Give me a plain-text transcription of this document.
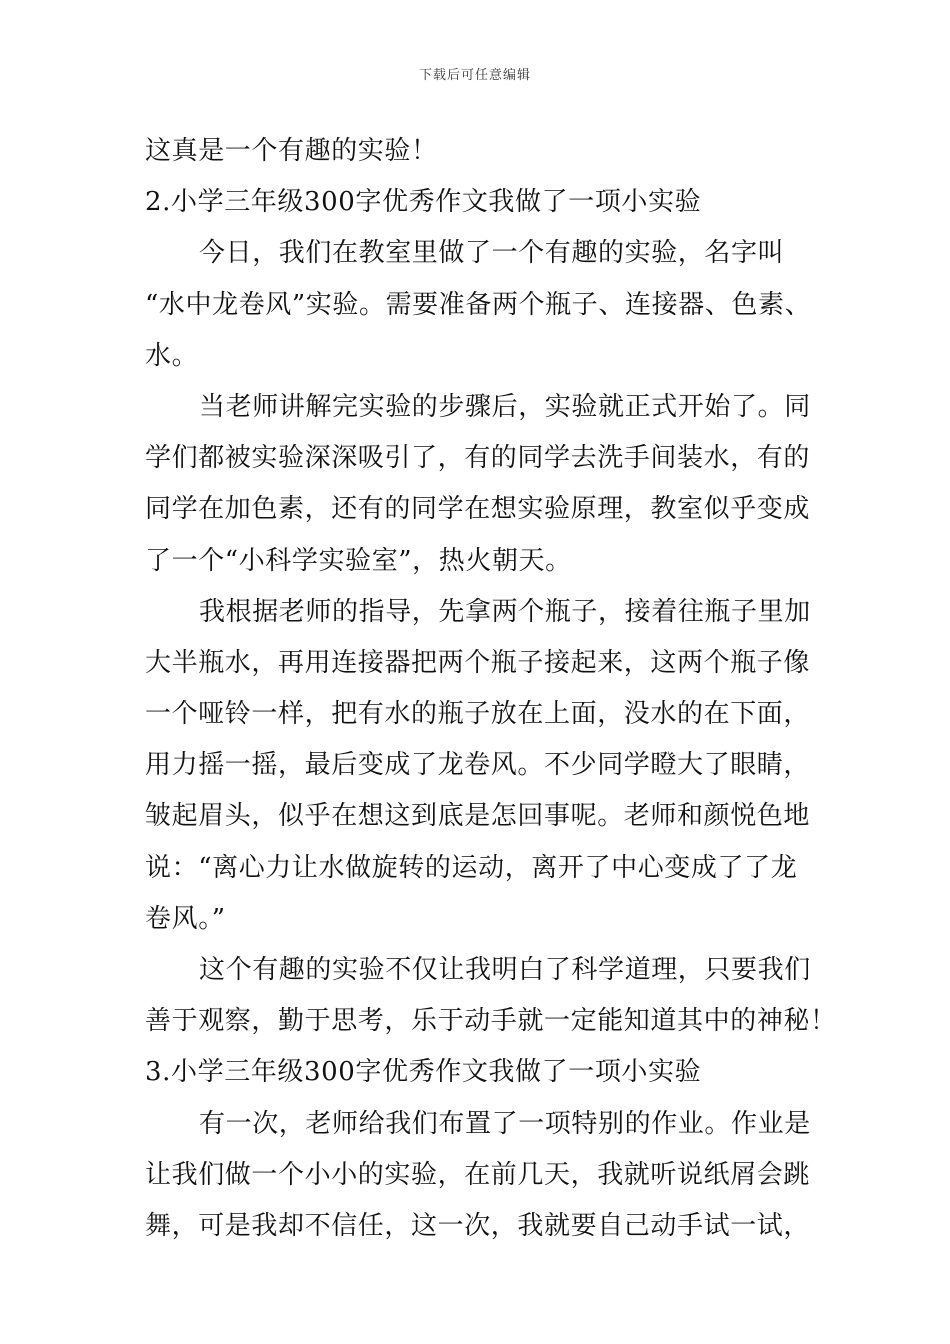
下载后可任意编辑
这真是一个有趣的实验！
2.小学三年级300字优秀作文我做了一项小实验
今日，我们在教室里做了一个有趣的实验，名字叫
“水中龙卷风”实验。需要准备两个瓶子、连接器、色素、
水。
当老师讲解完实验的步骤后，实验就正式开始了。同
学们都被实验深深吸引了，有的同学去洗手间装水，有的
同学在加色素，还有的同学在想实验原理，教室似乎变成
了一个“小科学实验室”，热火朝天。
我根据老师的指导，先拿两个瓶子，接着往瓶子里加
大半瓶水，再用连接器把两个瓶子接起来，这两个瓶子像
一个哑铃一样，把有水的瓶子放在上面，没水的在下面，
用力摇一摇，最后变成了龙卷风。不少同学瞪大了眼睛，
皱起眉头，似乎在想这到底是怎回事呢。老师和颜悦色地
说：“离心力让水做旋转的运动，离开了中心变成了了龙
卷风。”
这个有趣的实验不仅让我明白了科学道理，只要我们
善于观察，勤于思考，乐于动手就一定能知道其中的神秘！
3.小学三年级300字优秀作文我做了一项小实验
有一次，老师给我们布置了一项特别的作业。作业是
让我们做一个小小的实验，在前几天，我就听说纸屑会跳
舞，可是我却不信任，这一次，我就要自己动手试一试，
